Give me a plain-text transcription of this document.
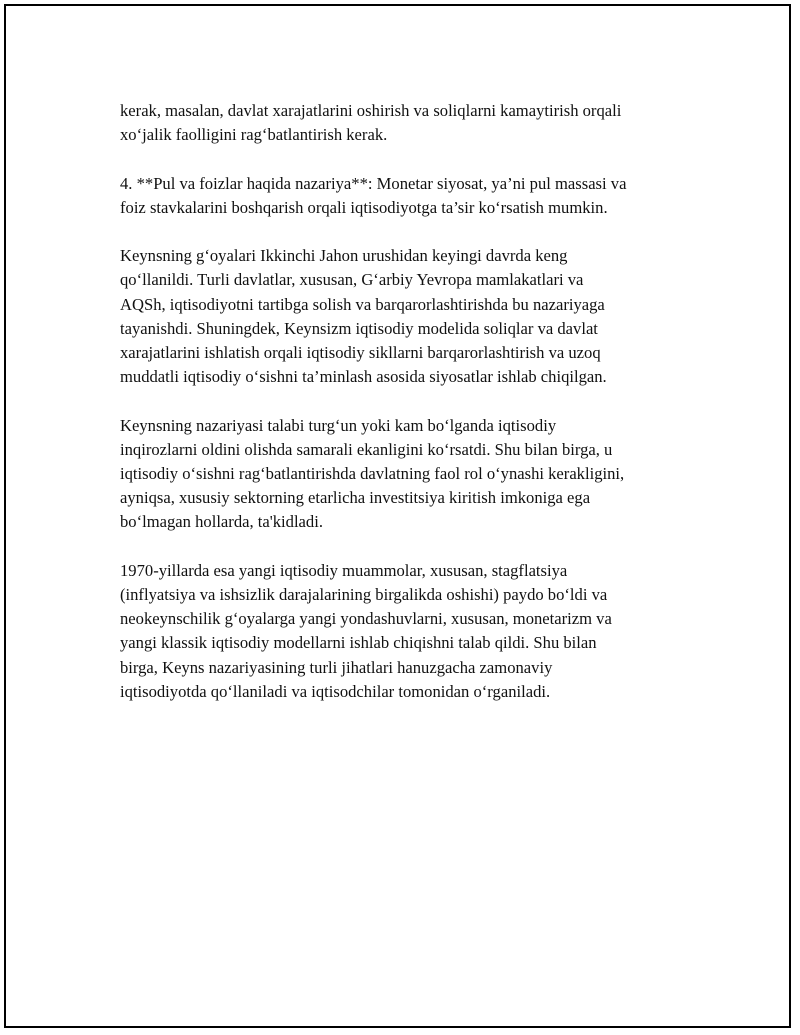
kerak, masalan, davlat xarajatlarini oshirish va soliqlarni kamaytirish orqali
xo‘jalik faolligini rag‘batlantirish kerak.

4. **Pul va foizlar haqida nazariya**: Monetar siyosat, ya’ni pul massasi va
foiz stavkalarini boshqarish orqali iqtisodiyotga ta’sir ko‘rsatish mumkin.

Keynsning g‘oyalari Ikkinchi Jahon urushidan keyingi davrda keng
qo‘llanildi. Turli davlatlar, xususan, G‘arbiy Yevropa mamlakatlari va
AQSh, iqtisodiyotni tartibga solish va barqarorlashtirishda bu nazariyaga
tayanishdi. Shuningdek, Keynsizm iqtisodiy modelida soliqlar va davlat
xarajatlarini ishlatish orqali iqtisodiy sikllarni barqarorlashtirish va uzoq
muddatli iqtisodiy o‘sishni ta’minlash asosida siyosatlar ishlab chiqilgan.

Keynsning nazariyasi talabi turg‘un yoki kam bo‘lganda iqtisodiy
inqirozlarni oldini olishda samarali ekanligini ko‘rsatdi. Shu bilan birga, u
iqtisodiy o‘sishni rag‘batlantirishda davlatning faol rol o‘ynashi kerakligini,
ayniqsa, xususiy sektorning etarlicha investitsiya kiritish imkoniga ega
bo‘lmagan hollarda, ta'kidladi.

1970-yillarda esa yangi iqtisodiy muammolar, xususan, stagflatsiya
(inflyatsiya va ishsizlik darajalarining birgalikda oshishi) paydo bo‘ldi va
neokeynschilik g‘oyalarga yangi yondashuvlarni, xususan, monetarizm va
yangi klassik iqtisodiy modellarni ishlab chiqishni talab qildi. Shu bilan
birga, Keyns nazariyasining turli jihatlari hanuzgacha zamonaviy
iqtisodiyotda qo‘llaniladi va iqtisodchilar tomonidan o‘rganiladi.
